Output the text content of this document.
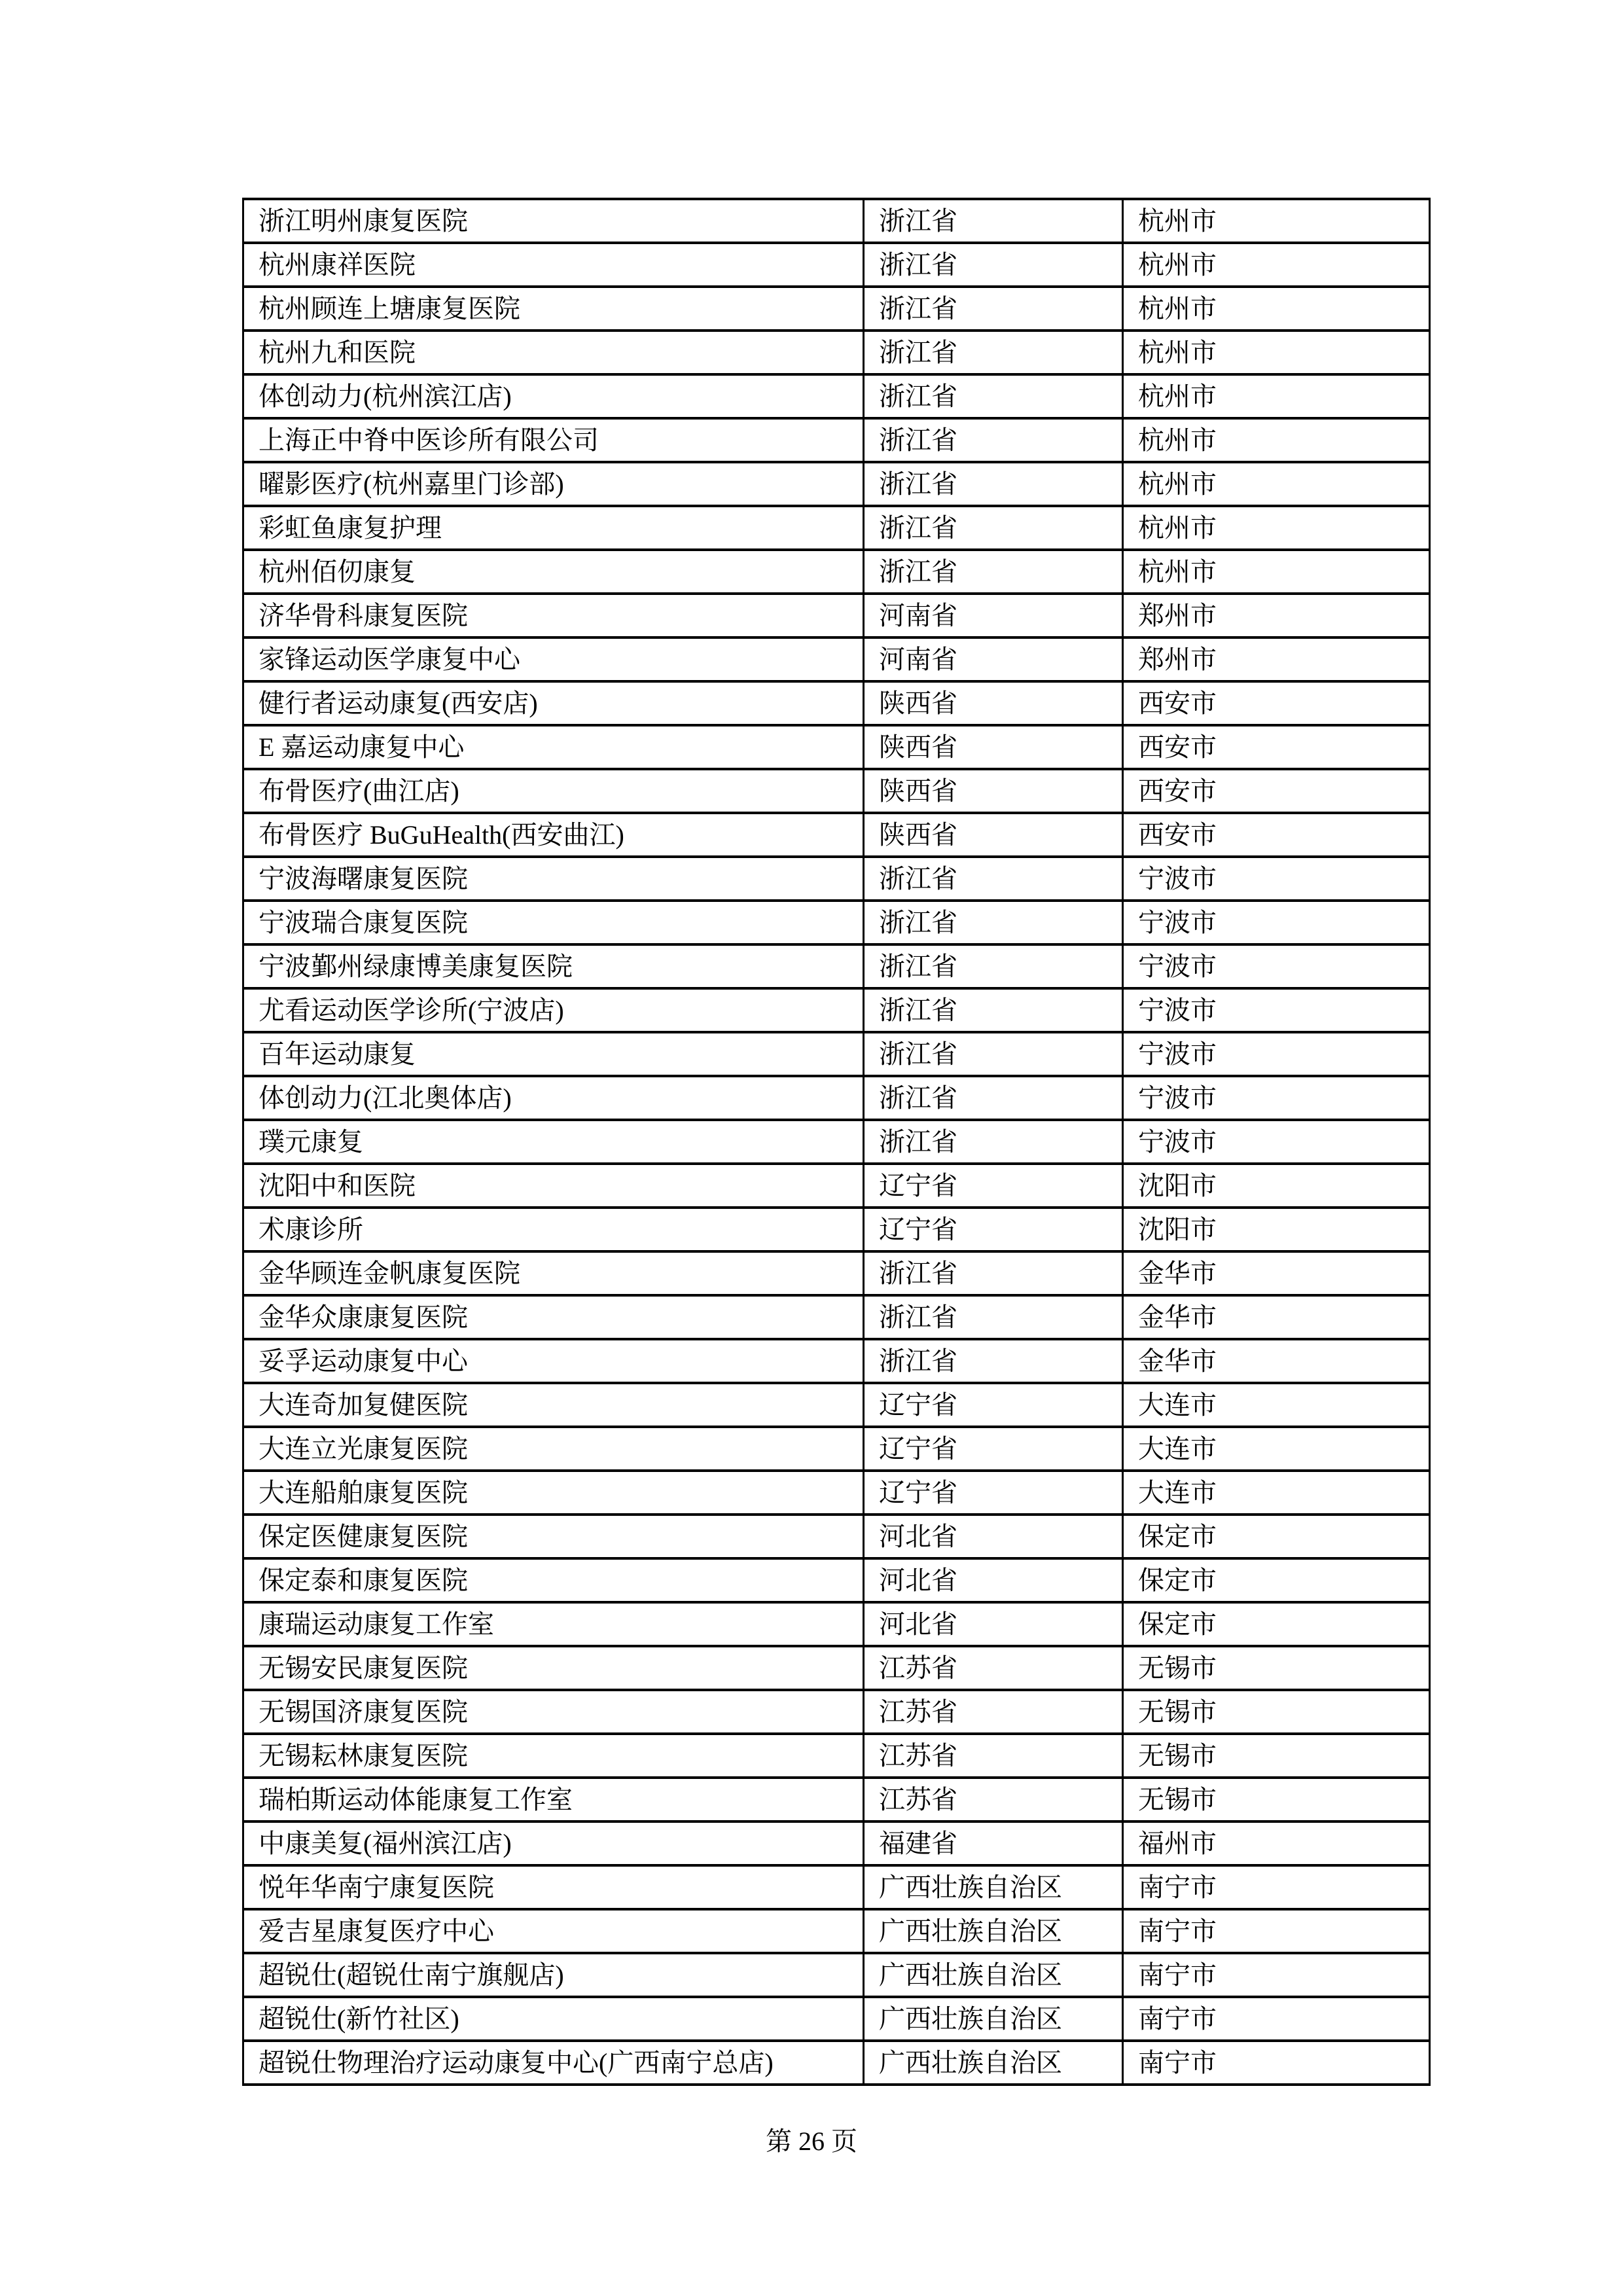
浙江明州康复医院	浙江省	杭州市
杭州康祥医院	浙江省	杭州市
杭州顾连上塘康复医院	浙江省	杭州市
杭州九和医院	浙江省	杭州市
体创动力(杭州滨江店)	浙江省	杭州市
上海正中脊中医诊所有限公司	浙江省	杭州市
曜影医疗(杭州嘉里门诊部)	浙江省	杭州市
彩虹鱼康复护理	浙江省	杭州市
杭州佰仞康复	浙江省	杭州市
济华骨科康复医院	河南省	郑州市
家锋运动医学康复中心	河南省	郑州市
健行者运动康复(西安店)	陕西省	西安市
E 嘉运动康复中心	陕西省	西安市
布骨医疗(曲江店)	陕西省	西安市
布骨医疗 BuGuHealth(西安曲江)	陕西省	西安市
宁波海曙康复医院	浙江省	宁波市
宁波瑞合康复医院	浙江省	宁波市
宁波鄞州绿康博美康复医院	浙江省	宁波市
尤看运动医学诊所(宁波店)	浙江省	宁波市
百年运动康复	浙江省	宁波市
体创动力(江北奥体店)	浙江省	宁波市
璞元康复	浙江省	宁波市
沈阳中和医院	辽宁省	沈阳市
术康诊所	辽宁省	沈阳市
金华顾连金帆康复医院	浙江省	金华市
金华众康康复医院	浙江省	金华市
妥孚运动康复中心	浙江省	金华市
大连奇加复健医院	辽宁省	大连市
大连立光康复医院	辽宁省	大连市
大连船舶康复医院	辽宁省	大连市
保定医健康复医院	河北省	保定市
保定泰和康复医院	河北省	保定市
康瑞运动康复工作室	河北省	保定市
无锡安民康复医院	江苏省	无锡市
无锡国济康复医院	江苏省	无锡市
无锡耘林康复医院	江苏省	无锡市
瑞柏斯运动体能康复工作室	江苏省	无锡市
中康美复(福州滨江店)	福建省	福州市
悦年华南宁康复医院	广西壮族自治区	南宁市
爱吉星康复医疗中心	广西壮族自治区	南宁市
超锐仕(超锐仕南宁旗舰店)	广西壮族自治区	南宁市
超锐仕(新竹社区)	广西壮族自治区	南宁市
超锐仕物理治疗运动康复中心(广西南宁总店)	广西壮族自治区	南宁市
第 26 页
